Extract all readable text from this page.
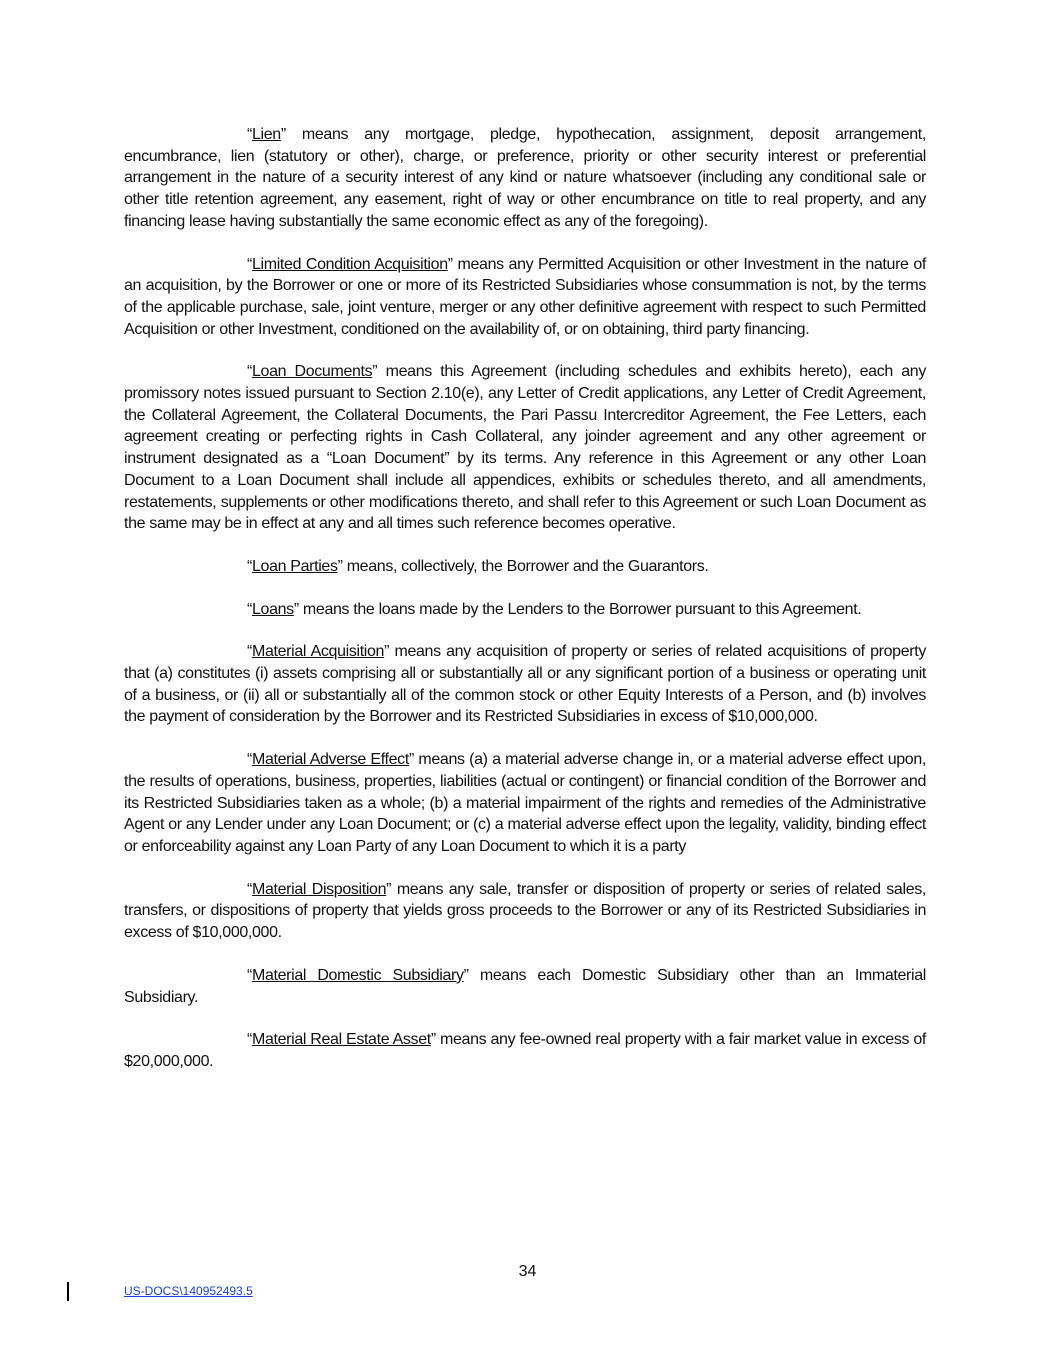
“Lien” means any mortgage, pledge, hypothecation, assignment, deposit arrangement, encumbrance, lien (statutory or other), charge, or preference, priority or other security interest or preferential arrangement in the nature of a security interest of any kind or nature whatsoever (including any conditional sale or other title retention agreement, any easement, right of way or other encumbrance on title to real property, and any financing lease having substantially the same economic effect as any of the foregoing).

“Limited Condition Acquisition” means any Permitted Acquisition or other Investment in the nature of an acquisition, by the Borrower or one or more of its Restricted Subsidiaries whose consummation is not, by the terms of the applicable purchase, sale, joint venture, merger or any other definitive agreement with respect to such Permitted Acquisition or other Investment, conditioned on the availability of, or on obtaining, third party financing.

“Loan Documents” means this Agreement (including schedules and exhibits hereto), each any promissory notes issued pursuant to Section 2.10(e), any Letter of Credit applications, any Letter of Credit Agreement, the Collateral Agreement, the Collateral Documents, the Pari Passu Intercreditor Agreement, the Fee Letters, each agreement creating or perfecting rights in Cash Collateral, any joinder agreement and any other agreement or instrument designated as a “Loan Document” by its terms. Any reference in this Agreement or any other Loan Document to a Loan Document shall include all appendices, exhibits or schedules thereto, and all amendments, restatements, supplements or other modifications thereto, and shall refer to this Agreement or such Loan Document as the same may be in effect at any and all times such reference becomes operative.

“Loan Parties” means, collectively, the Borrower and the Guarantors.

“Loans” means the loans made by the Lenders to the Borrower pursuant to this Agreement.

“Material Acquisition” means any acquisition of property or series of related acquisitions of property that (a) constitutes (i) assets comprising all or substantially all or any significant portion of a business or operating unit of a business, or (ii) all or substantially all of the common stock or other Equity Interests of a Person, and (b) involves the payment of consideration by the Borrower and its Restricted Subsidiaries in excess of $10,000,000.

“Material Adverse Effect” means (a) a material adverse change in, or a material adverse effect upon, the results of operations, business, properties, liabilities (actual or contingent) or financial condition of the Borrower and its Restricted Subsidiaries taken as a whole; (b) a material impairment of the rights and remedies of the Administrative Agent or any Lender under any Loan Document; or (c) a material adverse effect upon the legality, validity, binding effect or enforceability against any Loan Party of any Loan Document to which it is a party

“Material Disposition” means any sale, transfer or disposition of property or series of related sales, transfers, or dispositions of property that yields gross proceeds to the Borrower or any of its Restricted Subsidiaries in excess of $10,000,000.

“Material Domestic Subsidiary” means each Domestic Subsidiary other than an Immaterial Subsidiary.

“Material Real Estate Asset” means any fee-owned real property with a fair market value in excess of $20,000,000.

34
US-DOCS\140952493.5
